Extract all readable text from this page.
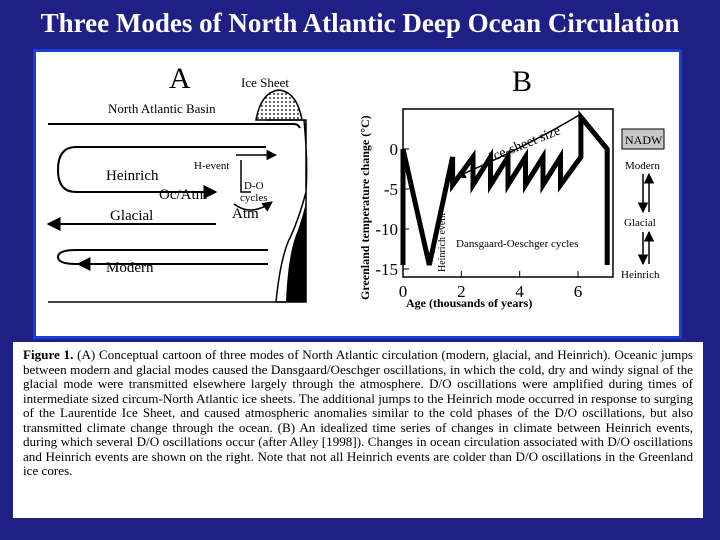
Three Modes of North Atlantic Deep Ocean Circulation
A	Ice Sheet
North Atlantic Basin
Heinrich
H-event
Glacial
D-O
cycles
Oc/Atm
Atm
Modern
B
Greenland temperature change (°C) 0
-5
-10
-15
0	2	4	6
Ice-sheet size
Heinrich event Dansgaard-Oeschger cycles
Age (thousands of years)
NADW
Modern
Glacial
Heinrich
Figure 1. (A) Conceptual cartoon of three modes of North Atlantic circulation (modern, glacial, and Heinrich). Oceanic jumps between modern and glacial modes caused the Dansgaard/Oeschger oscillations, in which the cold, dry and windy signal of the glacial mode were transmitted elsewhere largely through the atmosphere. D/O oscillations were amplified during times of intermediate sized circum-North Atlantic ice sheets. The additional jumps to the Heinrich mode occurred in response to surging of the Laurentide Ice Sheet, and caused atmospheric anomalies similar to the cold phases of the D/O oscillations, but also transmitted climate change through the ocean. (B) An idealized time series of changes in climate between Heinrich events, during which several D/O oscillations occur (after Alley [1998]). Changes in ocean circulation associated with D/O oscillations and Heinrich events are shown on the right. Note that not all Heinrich events are colder than D/O oscillations in the Greenland ice cores.
